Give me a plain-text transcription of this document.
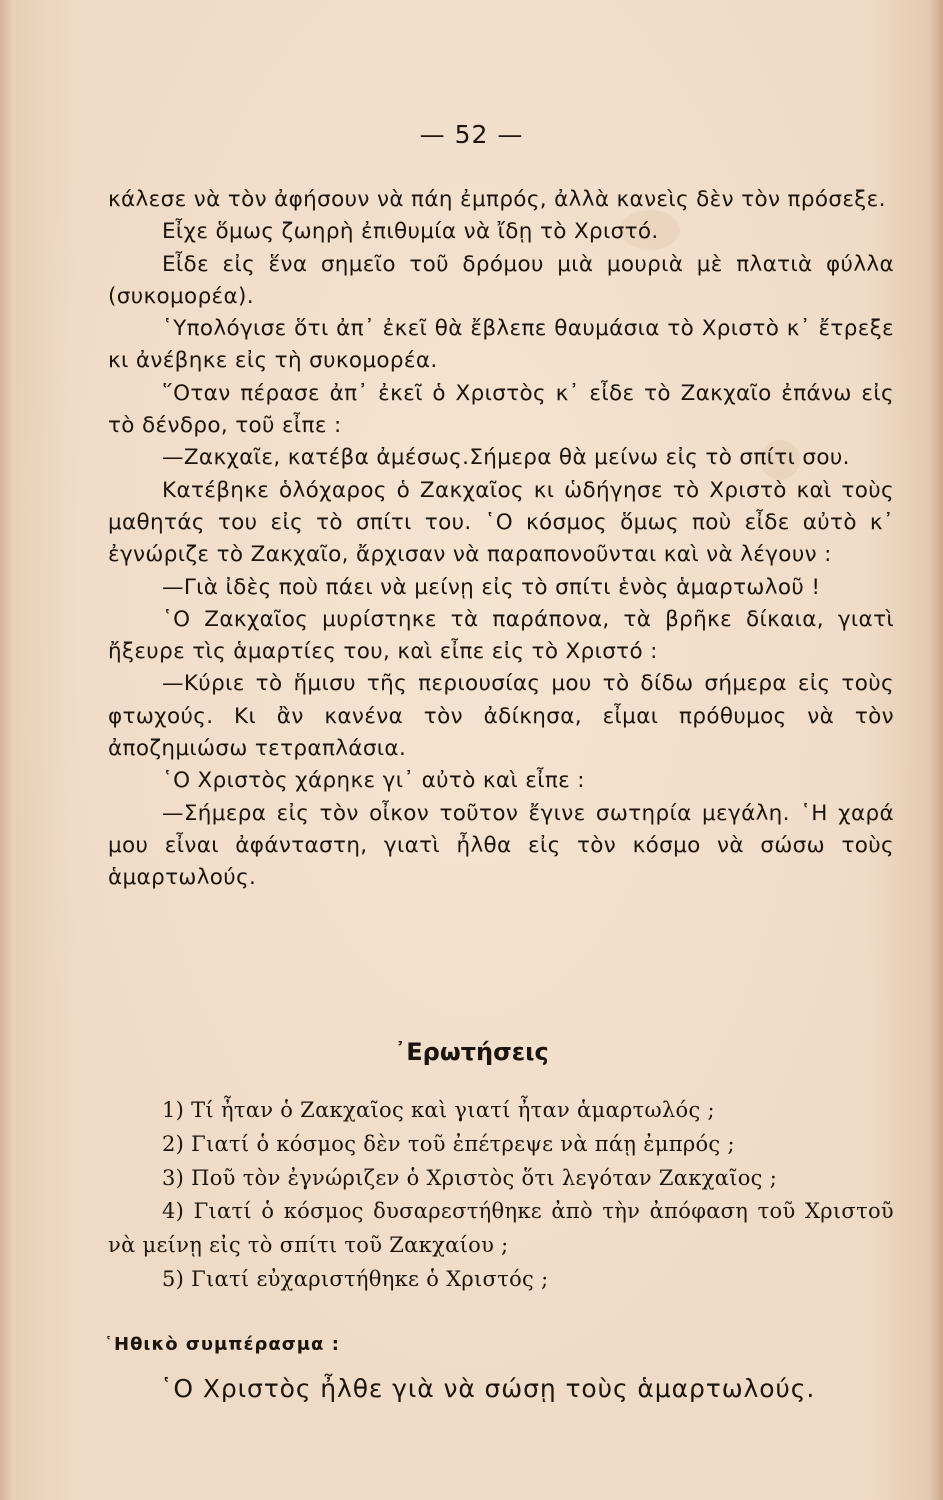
— 52 —

κάλεσε νὰ τὸν ἀφήσουν νὰ πάη ἐμπρός, ἀλλὰ κανεὶς δὲν τὸν πρόσεξε.

Εἶχε ὅμως ζωηρὴ ἐπιθυμία νὰ ἴδῃ τὸ Χριστό.

Εἶδε εἰς ἕνα σημεῖο τοῦ δρόμου μιὰ μουριὰ μὲ πλατιὰ φύλλα (συκομορέα).

῾Υπολόγισε ὅτι ἀπ᾽ ἐκεῖ θὰ ἔβλεπε θαυμάσια τὸ Χριστὸ κ᾽ ἔτρεξε κι ἀνέβηκε εἰς τὴ συκομορέα.

῞Οταν πέρασε ἀπ᾽ ἐκεῖ ὁ Χριστὸς κ᾽ εἶδε τὸ Ζακχαῖο ἐπάνω εἰς τὸ δένδρο, τοῦ εἶπε :

—Ζακχαῖε, κατέβα ἀμέσως.Σήμερα θὰ μείνω εἰς τὸ σπίτι σου.

Κατέβηκε ὁλόχαρος ὁ Ζακχαῖος κι ὡδήγησε τὸ Χριστὸ καὶ τοὺς μαθητάς του εἰς τὸ σπίτι του. ῾Ο κόσμος ὅμως ποὺ εἶδε αὐτὸ κ᾽ ἐγνώριζε τὸ Ζακχαῖο, ἄρχισαν νὰ παραπονοῦνται καὶ νὰ λέγουν :

—Γιὰ ἰδὲς ποὺ πάει νὰ μείνῃ εἰς τὸ σπίτι ἑνὸς ἁμαρτωλοῦ !

῾Ο Ζακχαῖος μυρίστηκε τὰ παράπονα, τὰ βρῆκε δίκαια, γιατὶ ἤξευρε τὶς ἁμαρτίες του, καὶ εἶπε εἰς τὸ Χριστό :

—Κύριε τὸ ἥμισυ τῆς περιουσίας μου τὸ δίδω σήμερα εἰς τοὺς φτωχούς. Κι ἂν κανένα τὸν ἀδίκησα, εἶμαι πρόθυμος νὰ τὸν ἀποζημιώσω τετραπλάσια.

῾Ο Χριστὸς χάρηκε γι᾽ αὐτὸ καὶ εἶπε :

—Σήμερα εἰς τὸν οἶκον τοῦτον ἔγινε σωτηρία μεγάλη. ῾Η χαρά μου εἶναι ἀφάνταστη, γιατὶ ἦλθα εἰς τὸν κόσμο νὰ σώσω τοὺς ἁμαρτωλούς.

᾽Ερωτήσεις

1) Τί ἦταν ὁ Ζακχαῖος καὶ γιατί ἦταν ἁμαρτωλός ;

2) Γιατί ὁ κόσμος δὲν τοῦ ἐπέτρεψε νὰ πάῃ ἐμπρός ;

3) Ποῦ τὸν ἐγνώριζεν ὁ Χριστὸς ὅτι λεγόταν Ζακχαῖος ;

4) Γιατί ὁ κόσμος δυσαρεστήθηκε ἀπὸ τὴν ἀπόφαση τοῦ Χριστοῦ νὰ μείνῃ εἰς τὸ σπίτι τοῦ Ζακχαίου ;

5) Γιατί εὐχαριστήθηκε ὁ Χριστός ;

῾Ηθικὸ συμπέρασμα :
῾Ο Χριστὸς ἦλθε γιὰ νὰ σώσῃ τοὺς ἁμαρτωλούς.
